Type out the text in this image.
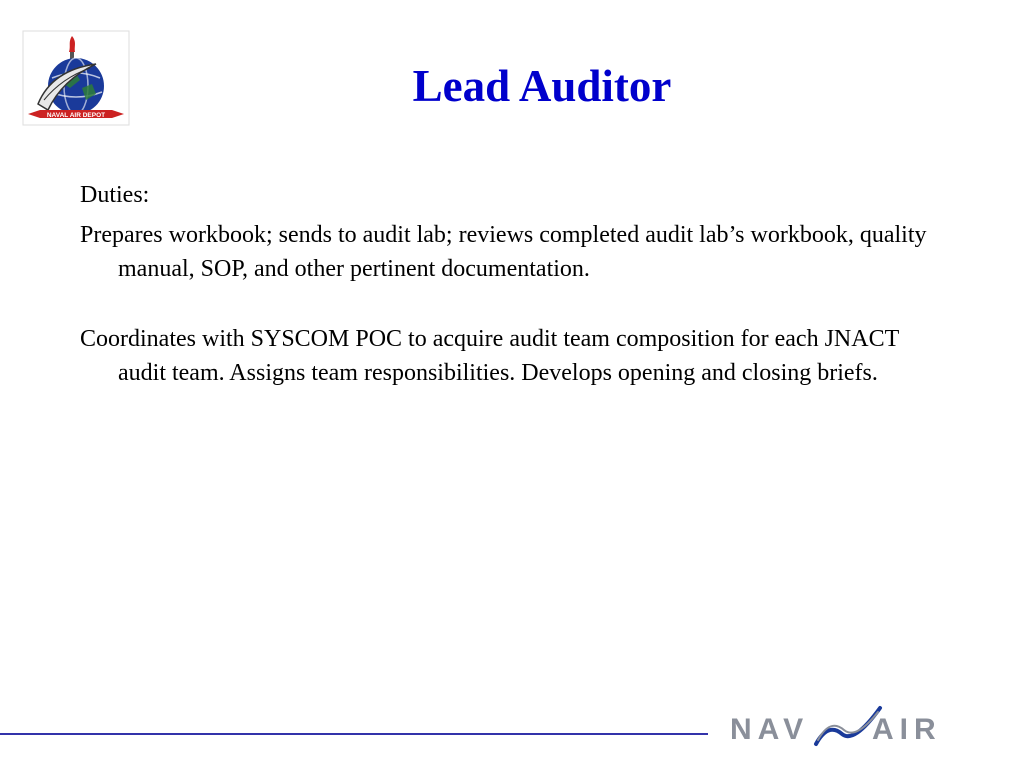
NAVAL AIR DEPOT
Lead Auditor

Duties:

Prepares workbook; sends to audit lab; reviews completed audit lab’s workbook, quality manual, SOP, and other pertinent documentation.

Coordinates with SYSCOM POC to acquire audit team composition for each JNACT audit team. Assigns team responsibilities. Develops opening and closing briefs.

NAV AIR
